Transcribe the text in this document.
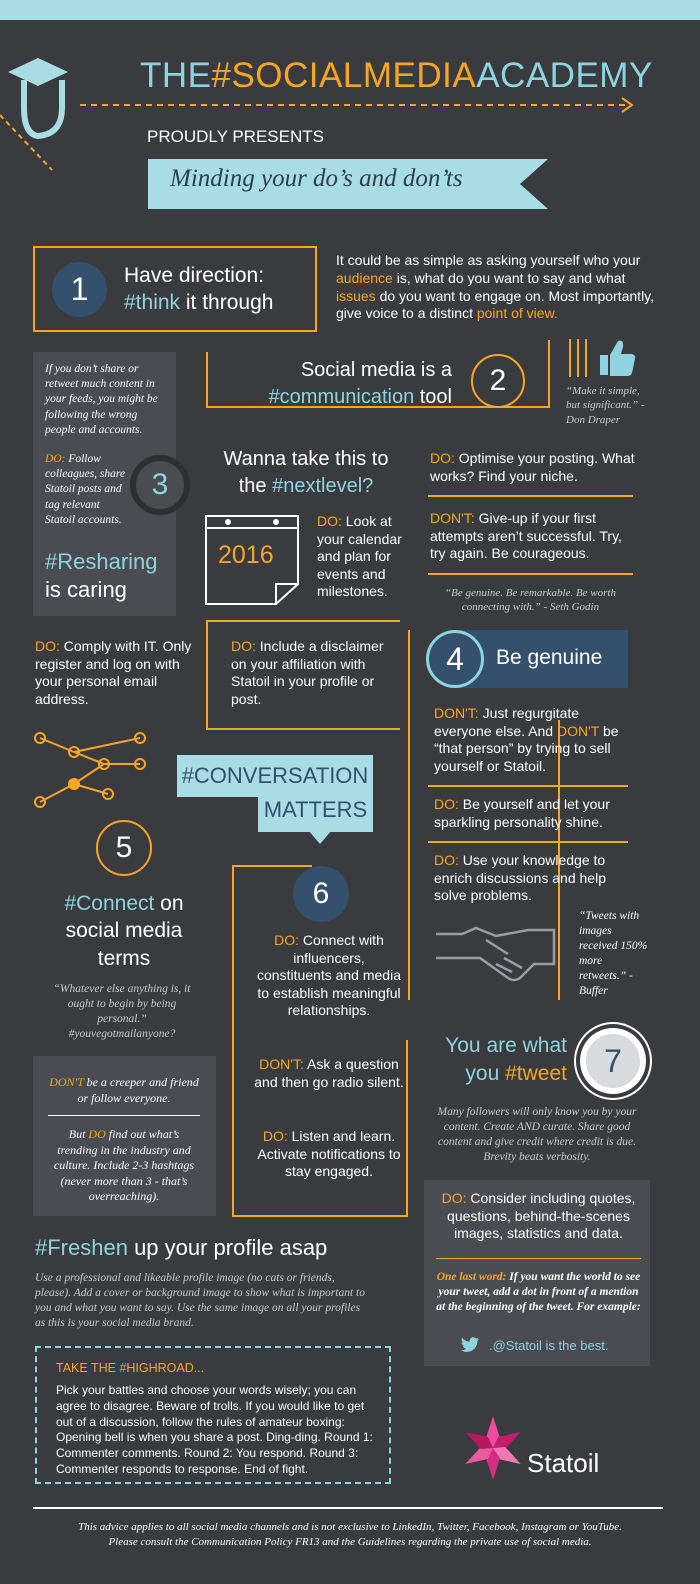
THE#SOCIALMEDIAACADEMY
PROUDLY PRESENTS
Minding your do’s and don’ts
1	Have direction:
#think it through

It could be as simple as asking yourself who your audience is, what do you want to say and what issues do you want to engage on. Most importantly, give voice to a distinct point of view.

Social media is a
#communication tool	2	“Make it simple, but significant.” - Don Draper
If you don’t share or retweet much content in your feeds, you might be following the wrong people and accounts.
DO: Follow colleagues, share Statoil posts and tag relevant Statoil accounts.
3
#Resharing
is caring
Wanna take this to
the #nextlevel?
2016

DO: Look at your calendar and plan for events and milestones.

DO: Optimise your posting. What works? Find your niche.

DON'T: Give-up if your first attempts aren’t successful. Try, try again. Be courageous.

“Be genuine. Be remarkable. Be worth connecting with.” - Seth Godin

DO: Comply with IT. Only register and log on with your personal email address.

DO: Include a disclaimer on your affiliation with Statoil in your profile or post.

4	Be genuine

DON'T: Just regurgitate everyone else. And DON'T be “that person” by trying to sell yourself or Statoil.

DO: Be yourself and let your sparkling personality shine.

DO: Use your knowledge to enrich discussions and help solve problems.

“Tweets with images received 150% more retweets.” - Buffer
#CONVERSATION
MATTERS
5
#Connect on social media terms
“Whatever else anything is, it ought to begin by being personal.” #youvegotmailanyone?
DON'T be a creeper and friend or follow everyone.
But DO find out what’s trending in the industry and culture. Include 2-3 hashtags (never more than 3 - that’s overreaching).
6

DO: Connect with influencers, constituents and media to establish meaningful relationships.

DON'T: Ask a question and then go radio silent.

DO: Listen and learn. Activate notifications to stay engaged.

You are what
you #tweet	7
Many followers will only know you by your content. Create AND curate. Share good content and give credit where credit is due. Brevity beats verbosity.

DO: Consider including quotes, questions, behind-the-scenes images, statistics and data.

One last word: If you want the world to see your tweet, add a dot in front of a mention at the beginning of the tweet. For example:
.@Statoil is the best.
#Freshen up your profile asap
Use a professional and likeable profile image (no cats or friends, please). Add a cover or background image to show what is important to you and what you want to say. Use the same image on all your profiles as this is your social media brand.
TAKE THE #HIGHROAD...
Pick your battles and choose your words wisely; you can agree to disagree. Beware of trolls. If you would like to get out of a discussion, follow the rules of amateur boxing: Opening bell is when you share a post. Ding-ding. Round 1: Commenter comments. Round 2: You respond. Round 3: Commenter responds to response. End of fight.	Statoil
This advice applies to all social media channels and is not exclusive to LinkedIn, Twitter, Facebook, Instagram or YouTube.
Please consult the Communication Policy FR13 and the Guidelines regarding the private use of social media.
